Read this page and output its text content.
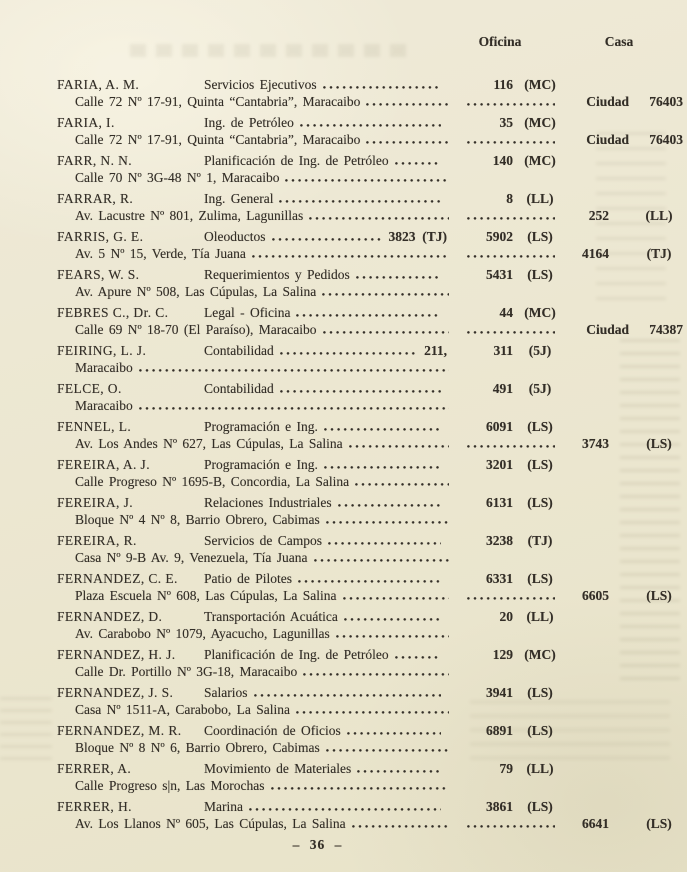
Oficina	Casa
FARIA, A. M.	Servicios Ejecutivos	116 (MC)
Calle 72 Nº 17-91, Quinta “Cantabria”, Maracaibo	Ciudad	76403
FARIA, I.	Ing. de Petróleo	35 (MC)
Calle 72 Nº 17-91, Quinta “Cantabria”, Maracaibo	Ciudad	76403
FARR, N. N.	Planificación de Ing. de Petróleo	140 (MC)
Calle 70 Nº 3G-48 Nº 1, Maracaibo
FARRAR, R.	Ing. General	8	(LL)
Av. Lacustre Nº 801, Zulima, Lagunillas	252	(LL)
FARRIS, G. E.	Oleoductos	3823  (TJ)	5902	(LS)
Av. 5 Nº 15, Verde, Tía Juana	4164	(TJ)
FEARS, W. S.	Requerimientos y Pedidos	5431	(LS)
Av. Apure Nº 508, Las Cúpulas, La Salina
FEBRES C., Dr. C.	Legal - Oficina	44 (MC)
Calle 69 Nº 18-70 (El Paraíso), Maracaibo	Ciudad	74387
FEIRING, L. J.	Contabilidad	211,	311	(5J)
Maracaibo
FELCE, O.	Contabilidad	491	(5J)
Maracaibo
FENNEL, L.	Programación e Ing.	6091	(LS)
Av. Los Andes Nº 627, Las Cúpulas, La Salina	3743	(LS)
FEREIRA, A. J.	Programación e Ing.	3201	(LS)
Calle Progreso Nº 1695-B, Concordia, La Salina
FEREIRA, J.	Relaciones Industriales	6131	(LS)
Bloque Nº 4 Nº 8, Barrio Obrero, Cabimas
FEREIRA, R.	Servicios de Campos	3238	(TJ)
Casa Nº 9-B Av. 9, Venezuela, Tía Juana
FERNANDEZ, C. E.	Patio de Pilotes	6331	(LS)
Plaza Escuela Nº 608, Las Cúpulas, La Salina	6605	(LS)
FERNANDEZ, D.	Transportación Acuática	20	(LL)
Av. Carabobo Nº 1079, Ayacucho, Lagunillas
FERNANDEZ, H. J.	Planificación de Ing. de Petróleo	129 (MC)
Calle Dr. Portillo Nº 3G-18, Maracaibo
FERNANDEZ, J. S.	Salarios	3941	(LS)
Casa Nº 1511-A, Carabobo, La Salina
FERNANDEZ, M. R.	Coordinación de Oficios	6891	(LS)
Bloque Nº 8 Nº 6, Barrio Obrero, Cabimas
FERRER, A.	Movimiento de Materiales	79	(LL)
Calle Progreso s|n, Las Morochas
FERRER, H.	Marina	3861	(LS)
Av. Los Llanos Nº 605, Las Cúpulas, La Salina	6641	(LS)
– 36 –
